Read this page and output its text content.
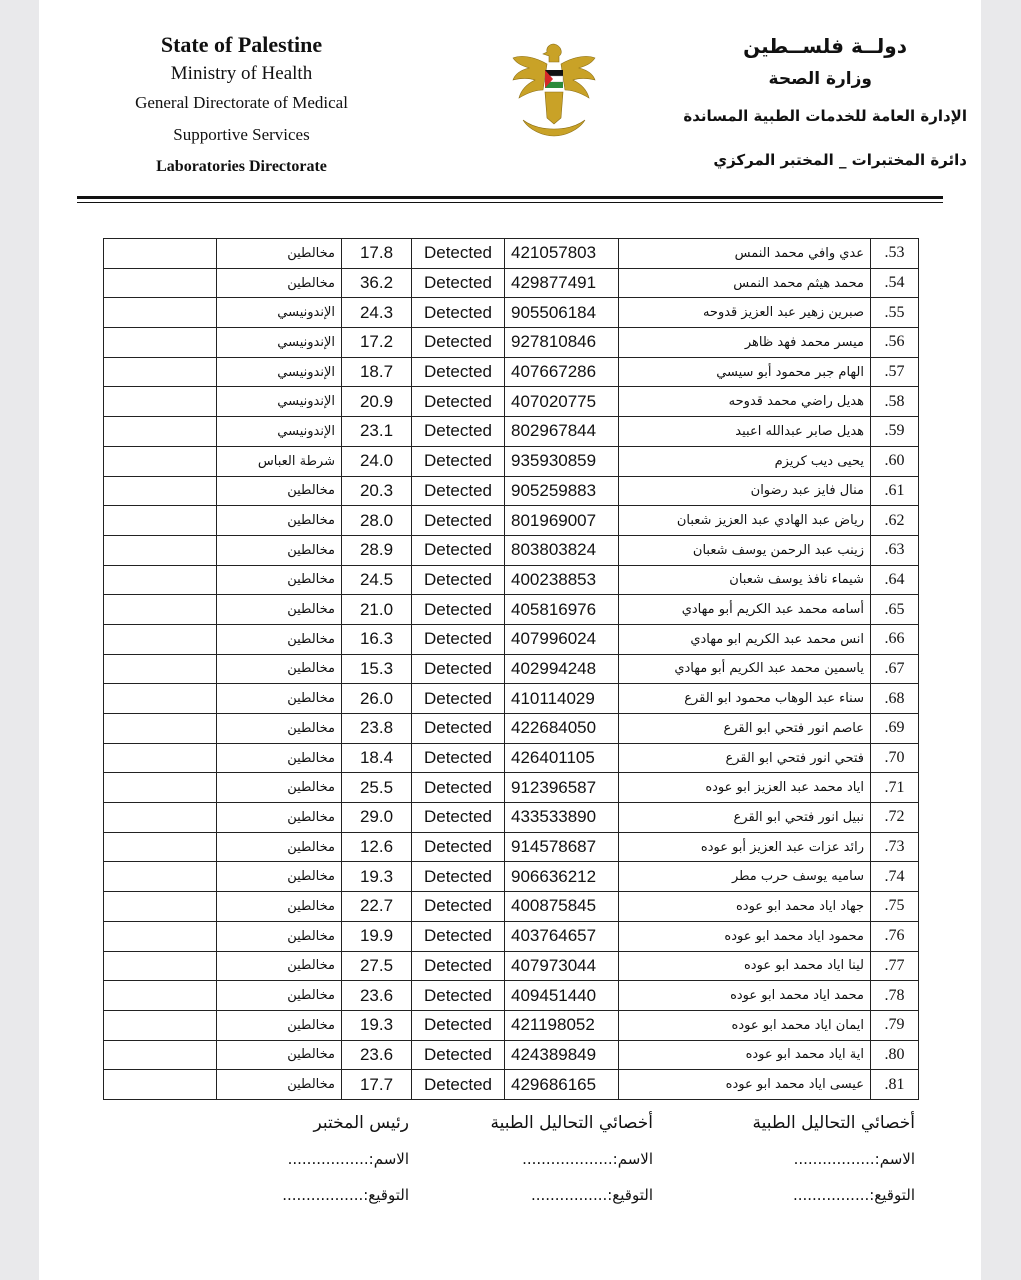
State of Palestine
Ministry of Health
General Directorate of Medical
Supportive Services
Laboratories Directorate
دولــة فلســطين
وزارة الصحة
الإدارة العامة للخدمات الطبية المساندة
دائرة المختبرات _ المختبر المركزي
	مخالطين	17.8	Detected	421057803	عدي وافي محمد النمس	.53
	مخالطين	36.2	Detected	429877491	محمد هيثم محمد النمس	.54
	الإندونيسي	24.3	Detected	905506184	صبرين زهير عبد العزيز قدوحه	.55
	الإندونيسي	17.2	Detected	927810846	ميسر محمد فهد ظاهر	.56
	الإندونيسي	18.7	Detected	407667286	الهام جبر محمود أبو سيسي	.57
	الإندونيسي	20.9	Detected	407020775	هديل راضي محمد قدوحه	.58
	الإندونيسي	23.1	Detected	802967844	هديل صابر عبدالله اعبيد	.59
	شرطة العباس	24.0	Detected	935930859	يحيى ديب كريزم	.60
	مخالطين	20.3	Detected	905259883	منال فايز عبد رضوان	.61
	مخالطين	28.0	Detected	801969007	رياض عبد الهادي عبد العزيز شعبان	.62
	مخالطين	28.9	Detected	803803824	زينب عبد الرحمن يوسف شعبان	.63
	مخالطين	24.5	Detected	400238853	شيماء نافذ يوسف شعبان	.64
	مخالطين	21.0	Detected	405816976	أسامه محمد عبد الكريم أبو مهادي	.65
	مخالطين	16.3	Detected	407996024	انس محمد عبد الكريم ابو مهادي	.66
	مخالطين	15.3	Detected	402994248	ياسمين محمد عبد الكريم أبو مهادي	.67
	مخالطين	26.0	Detected	410114029	سناء عبد الوهاب محمود ابو القرع	.68
	مخالطين	23.8	Detected	422684050	عاصم انور فتحي ابو القرع	.69
	مخالطين	18.4	Detected	426401105	فتحي انور فتحي ابو القرع	.70
	مخالطين	25.5	Detected	912396587	اياد محمد عبد العزيز ابو عوده	.71
	مخالطين	29.0	Detected	433533890	نبيل انور فتحي ابو القرع	.72
	مخالطين	12.6	Detected	914578687	رائد عزات عبد العزيز أبو عوده	.73
	مخالطين	19.3	Detected	906636212	ساميه يوسف حرب مطر	.74
	مخالطين	22.7	Detected	400875845	جهاد اياد محمد ابو عوده	.75
	مخالطين	19.9	Detected	403764657	محمود اياد محمد ابو عوده	.76
	مخالطين	27.5	Detected	407973044	لينا اياد محمد ابو عوده	.77
	مخالطين	23.6	Detected	409451440	محمد اياد محمد ابو عوده	.78
	مخالطين	19.3	Detected	421198052	ايمان اياد محمد ابو عوده	.79
	مخالطين	23.6	Detected	424389849	اية اياد محمد ابو عوده	.80
	مخالطين	17.7	Detected	429686165	عيسى اياد محمد ابو عوده	.81
أخصائي التحاليل الطبية
الاسم:.................
التوقيع:................
أخصائي التحاليل الطبية
الاسم:...................
التوقيع:................
رئيس المختبر
الاسم:.................
التوقيع:.................
